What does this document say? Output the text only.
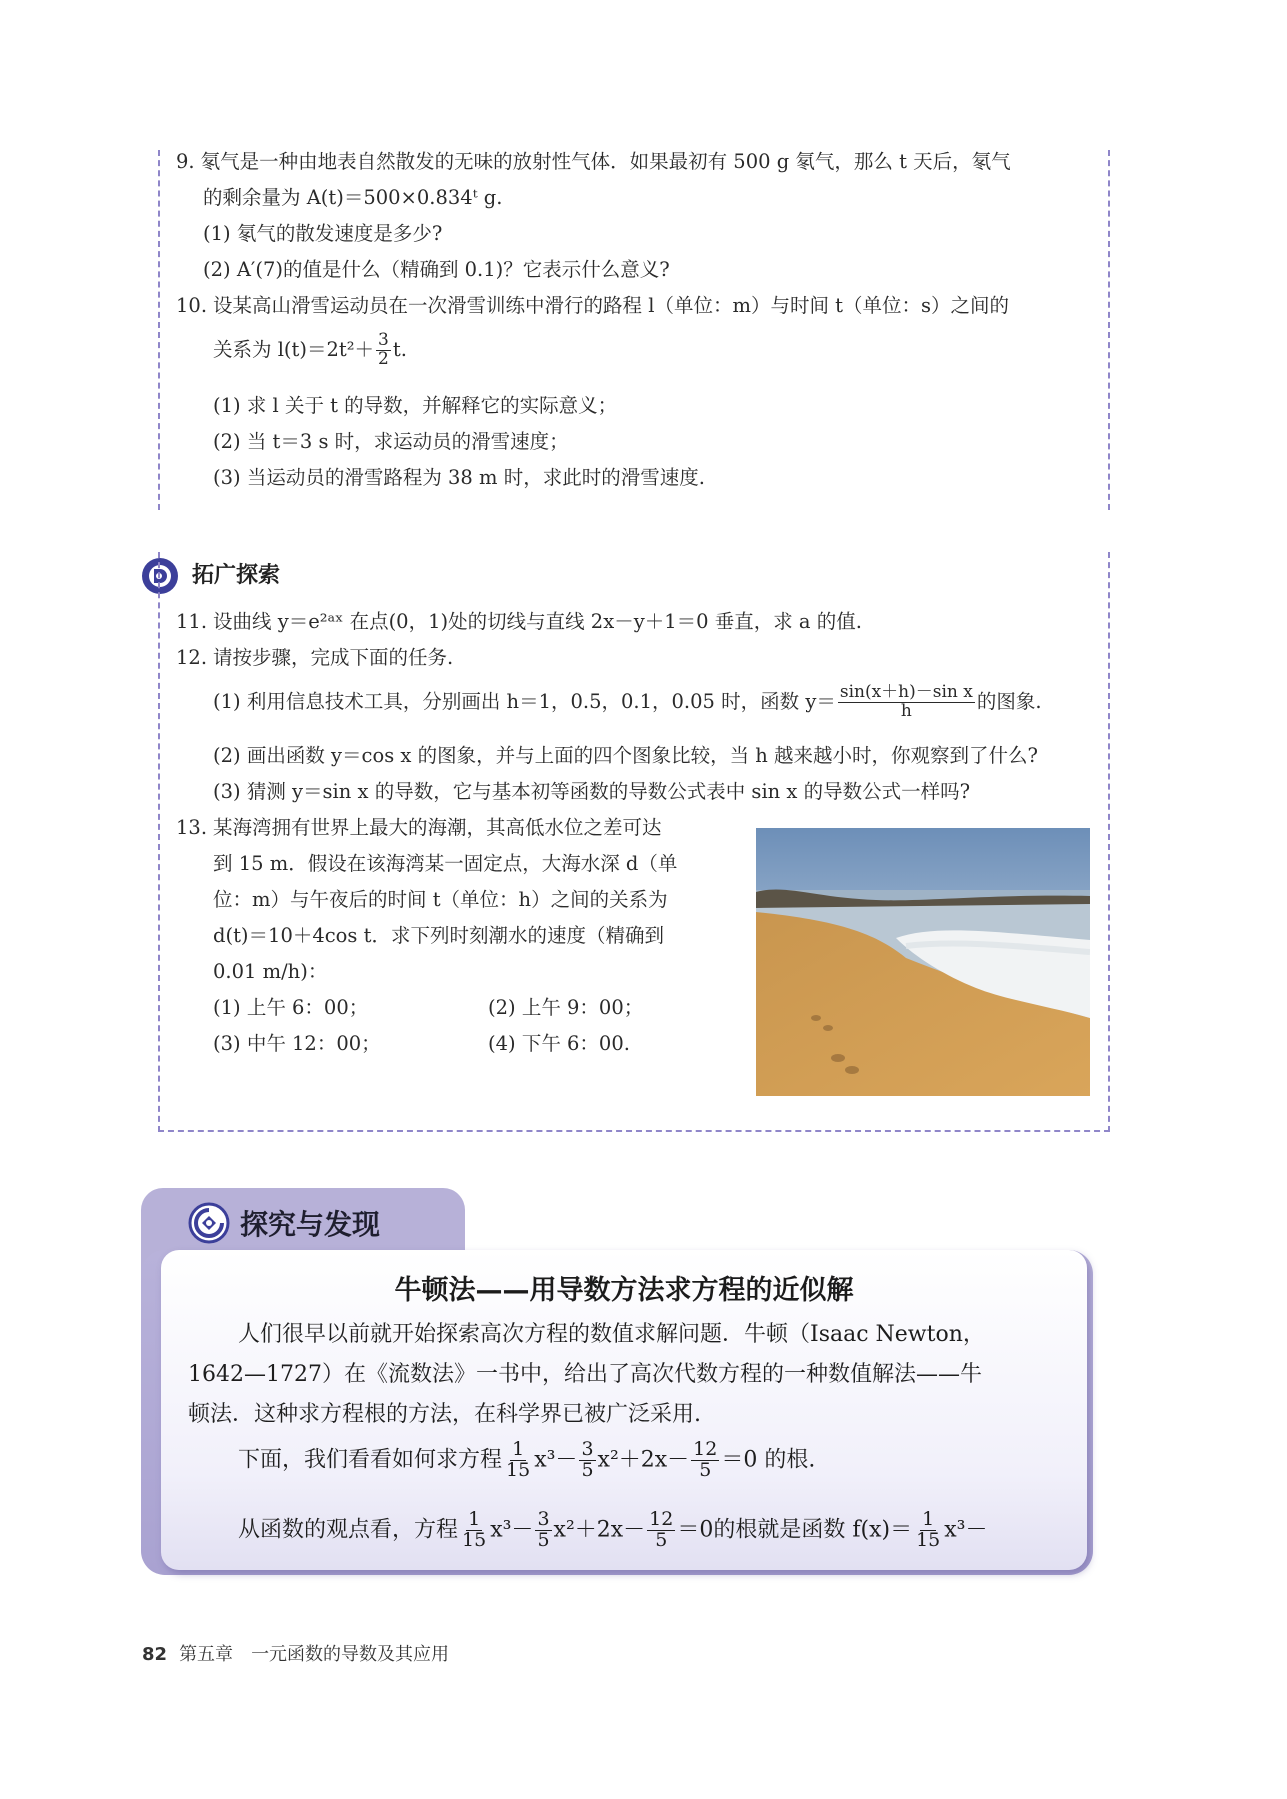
9. 氡气是一种由地表自然散发的无味的放射性气体．如果最初有 500 g 氡气，那么 t 天后，氡气
的剩余量为 A(t)＝500×0.834ᵗ g.
(1) 氡气的散发速度是多少?
(2) A′(7)的值是什么（精确到 0.1)？它表示什么意义?
10. 设某高山滑雪运动员在一次滑雪训练中滑行的路程 l（单位：m）与时间 t（单位：s）之间的
关系为 $l(t)=2t^2+ \frac{3}{2} t$.
(1) 求 l 关于 t 的导数，并解释它的实际意义；
(2) 当 t＝3 s 时，求运动员的滑雪速度；
(3) 当运动员的滑雪路程为 38 m 时，求此时的滑雪速度.
拓广探索
11. 设曲线 y＝e²ᵃˣ 在点(0，1)处的切线与直线 2x－y＋1＝0 垂直，求 a 的值.
12. 请按步骤，完成下面的任务.
(1) 利用信息技术工具，分别画出 h＝1，0.5，0.1，0.05 时，函数 $y= \frac{\text{sin(x＋h)－sin x}}{h}$ 的图象.
(2) 画出函数 y＝cos x 的图象，并与上面的四个图象比较，当 h 越来越小时，你观察到了什么?
(3) 猜测 y＝sin x 的导数，它与基本初等函数的导数公式表中 sin x 的导数公式一样吗?
13. 某海湾拥有世界上最大的海潮，其高低水位之差可达
到 15 m．假设在该海湾某一固定点，大海水深 d（单
位：m）与午夜后的时间 t（单位：h）之间的关系为
d(t)＝10＋4cos t．求下列时刻潮水的速度（精确到
0.01 m/h)：
(1) 上午 6：00；	(2) 上午 9：00；
(3) 中午 12：00；	(4) 下午 6：00.
探究与发现
牛顿法——用导数方法求方程的近似解
人们很早以前就开始探索高次方程的数值求解问题．牛顿（Isaac Newton，
1642—1727）在《流数法》一书中，给出了高次代数方程的一种数值解法——牛
顿法．这种求方程根的方法，在科学界已被广泛采用.
下面，我们看看如何求方程 $\frac{1}{15} x^3- \frac{3}{5} x^2+2x- \frac{12}{5} =0$ 的根.
从函数的观点看，方程 $\frac{1}{15} x^3- \frac{3}{5} x^2+2x- \frac{12}{5} =0$的根就是函数 $f(x)= \frac{1}{15} x^3-$
82 第五章 一元函数的导数及其应用
